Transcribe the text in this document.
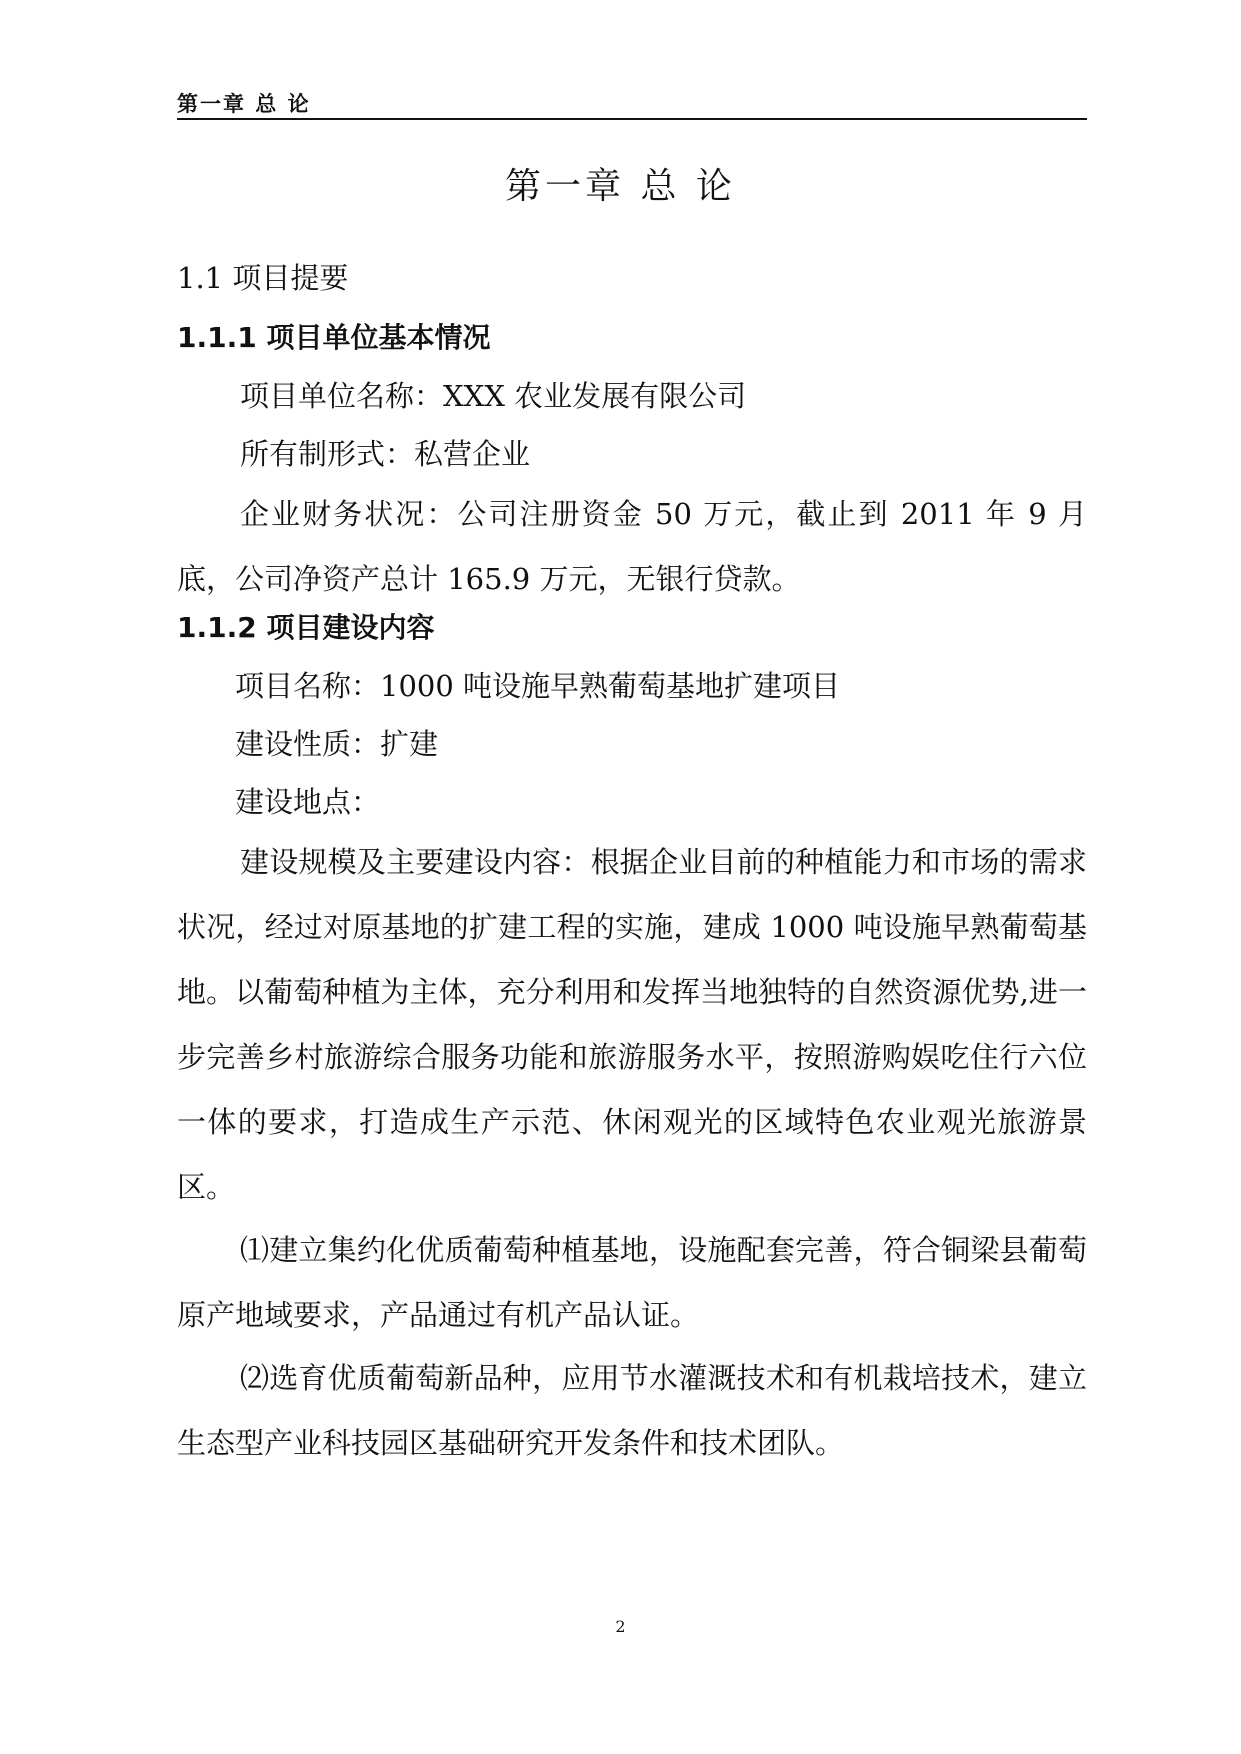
第一章 总 论
第一章 总 论
1.1 项目提要
1.1.1 项目单位基本情况
项目单位名称：XXX 农业发展有限公司
所有制形式：私营企业
企业财务状况：公司注册资金 50 万元，截止到 2011 年 9 月底，公司净资产总计 165.9 万元，无银行贷款。
1.1.2 项目建设内容
项目名称：1000 吨设施早熟葡萄基地扩建项目
建设性质：扩建
建设地点：
建设规模及主要建设内容：根据企业目前的种植能力和市场的需求状况，经过对原基地的扩建工程的实施，建成 1000 吨设施早熟葡萄基地。以葡萄种植为主体，充分利用和发挥当地独特的自然资源优势,进一步完善乡村旅游综合服务功能和旅游服务水平，按照游购娱吃住行六位一体的要求，打造成生产示范、休闲观光的区域特色农业观光旅游景区。
⑴建立集约化优质葡萄种植基地，设施配套完善，符合铜梁县葡萄原产地域要求，产品通过有机产品认证。
⑵选育优质葡萄新品种，应用节水灌溉技术和有机栽培技术，建立生态型产业科技园区基础研究开发条件和技术团队。
2
